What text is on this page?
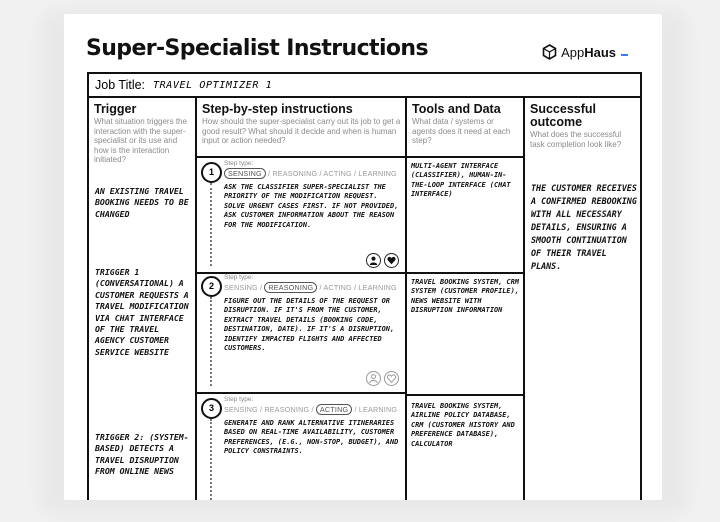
Super-Specialist Instructions	AppHaus
Job Title: TRAVEL OPTIMIZER 1
Trigger
What situation triggers the interaction with the super-specialist or its use and how is the interaction initiated?
AN EXISTING TRAVEL BOOKING NEEDS TO BE CHANGED
TRIGGER 1 (CONVERSATIONAL) A CUSTOMER REQUESTS A TRAVEL MODIFICATION VIA CHAT INTERFACE OF THE TRAVEL AGENCY CUSTOMER SERVICE WEBSITE
TRIGGER 2: (SYSTEM-BASED) DETECTS A TRAVEL DISRUPTION FROM ONLINE NEWS
Step-by-step instructions
How should the super-specialist carry out its job to get a good result? What should it decide and when is human input or action needed?
1
Step type:
SENSING / REASONING / ACTING / LEARNING
ASK THE CLASSIFIER SUPER-SPECIALIST THE PRIORITY OF THE MODIFICATION REQUEST. SOLVE URGENT CASES FIRST. IF NOT PROVIDED, ASK CUSTOMER INFORMATION ABOUT THE REASON FOR THE MODIFICATION.
2
Step type:
SENSING / REASONING / ACTING / LEARNING
FIGURE OUT THE DETAILS OF THE REQUEST OR DISRUPTION. IF IT'S FROM THE CUSTOMER, EXTRACT TRAVEL DETAILS (BOOKING CODE, DESTINATION, DATE). IF IT'S A DISRUPTION, IDENTIFY IMPACTED FLIGHTS AND AFFECTED CUSTOMERS.
3
Step type:
SENSING / REASONING / ACTING / LEARNING
GENERATE AND RANK ALTERNATIVE ITINERARIES BASED ON REAL-TIME AVAILABILITY, CUSTOMER PREFERENCES, (E.G., NON-STOP, BUDGET), AND POLICY CONSTRAINTS.
Tools and Data
What data / systems or agents does it need at each step?
MULTI-AGENT INTERFACE (CLASSIFIER), HUMAN-IN-THE-LOOP INTERFACE (CHAT INTERFACE)
TRAVEL BOOKING SYSTEM, CRM SYSTEM (CUSTOMER PROFILE), NEWS WEBSITE WITH DISRUPTION INFORMATION
TRAVEL BOOKING SYSTEM, AIRLINE POLICY DATABASE, CRM (CUSTOMER HISTORY AND PREFERENCE DATABASE), CALCULATOR
Successful outcome
What does the successful task completion look like?
THE CUSTOMER RECEIVES A CONFIRMED REBOOKING WITH ALL NECESSARY DETAILS, ENSURING A SMOOTH CONTINUATION OF THEIR TRAVEL PLANS.
